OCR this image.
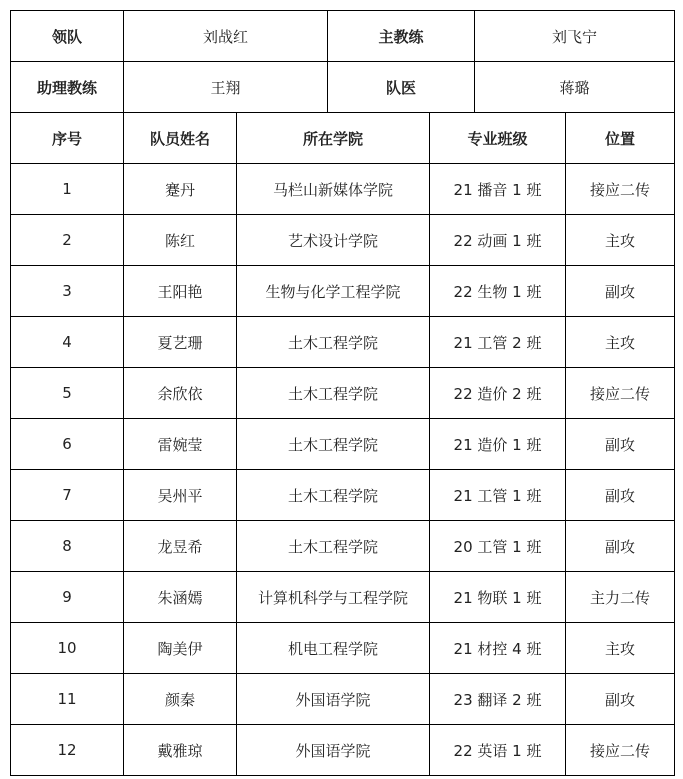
领队	刘战红	主教练	刘飞宁
助理教练	王翔	队医	蒋璐
序号	队员姓名	所在学院	专业班级	位置
1	蹇丹	马栏山新媒体学院	21 播音 1 班	接应二传
2	陈红	艺术设计学院	22 动画 1 班	主攻
3	王阳艳	生物与化学工程学院	22 生物 1 班	副攻
4	夏艺珊	土木工程学院	21 工管 2 班	主攻
5	余欣依	土木工程学院	22 造价 2 班	接应二传
6	雷婉莹	土木工程学院	21 造价 1 班	副攻
7	吴州平	土木工程学院	21 工管 1 班	副攻
8	龙昱希	土木工程学院	20 工管 1 班	副攻
9	朱涵嫣	计算机科学与工程学院	21 物联 1 班	主力二传
10	陶美伊	机电工程学院	21 材控 4 班	主攻
11	颜秦	外国语学院	23 翻译 2 班	副攻
12	戴雅琼	外国语学院	22 英语 1 班	接应二传
